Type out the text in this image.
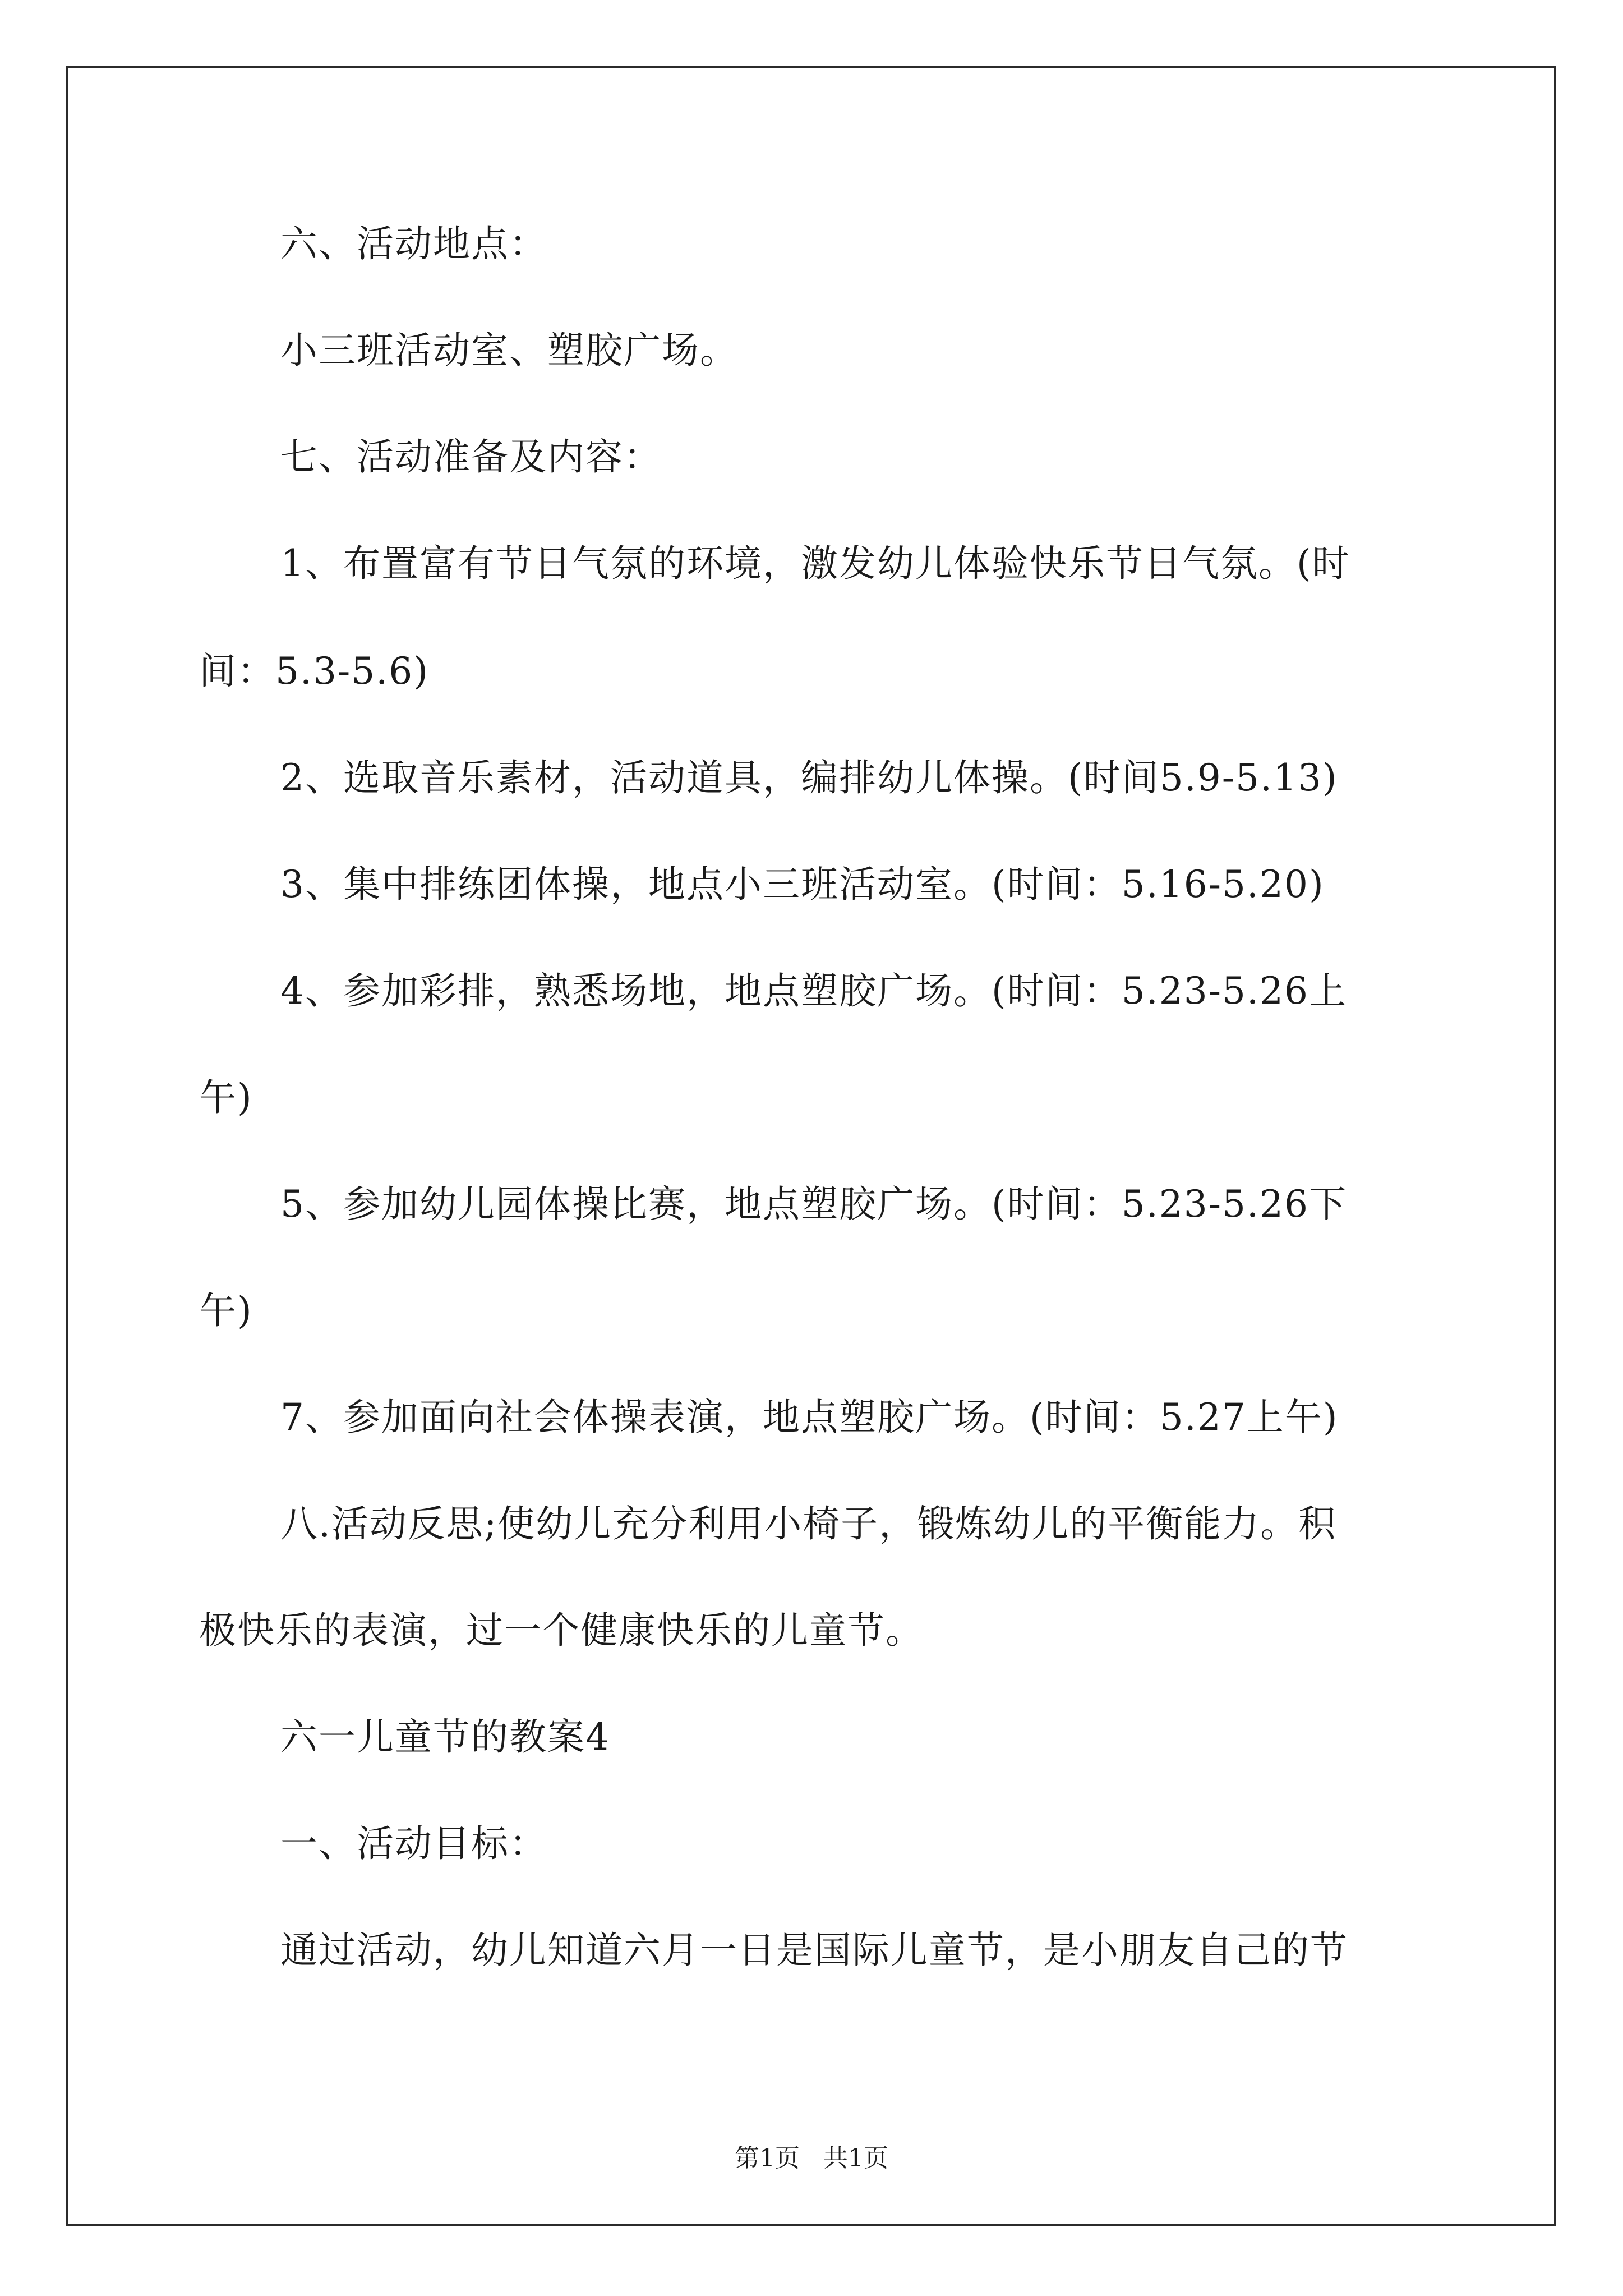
六、活动地点：
小三班活动室、塑胶广场。
七、活动准备及内容：
1、布置富有节日气氛的环境，激发幼儿体验快乐节日气氛。(时
间：5.3-5.6)
2、选取音乐素材，活动道具，编排幼儿体操。(时间5.9-5.13)
3、集中排练团体操，地点小三班活动室。(时间：5.16-5.20)
4、参加彩排，熟悉场地，地点塑胶广场。(时间：5.23-5.26上
午)
5、参加幼儿园体操比赛，地点塑胶广场。(时间：5.23-5.26下
午)
7、参加面向社会体操表演，地点塑胶广场。(时间：5.27上午)
八.活动反思;使幼儿充分利用小椅子，锻炼幼儿的平衡能力。积
极快乐的表演，过一个健康快乐的儿童节。
六一儿童节的教案4
一、活动目标：
通过活动，幼儿知道六月一日是国际儿童节，是小朋友自己的节
第1页   共1页
